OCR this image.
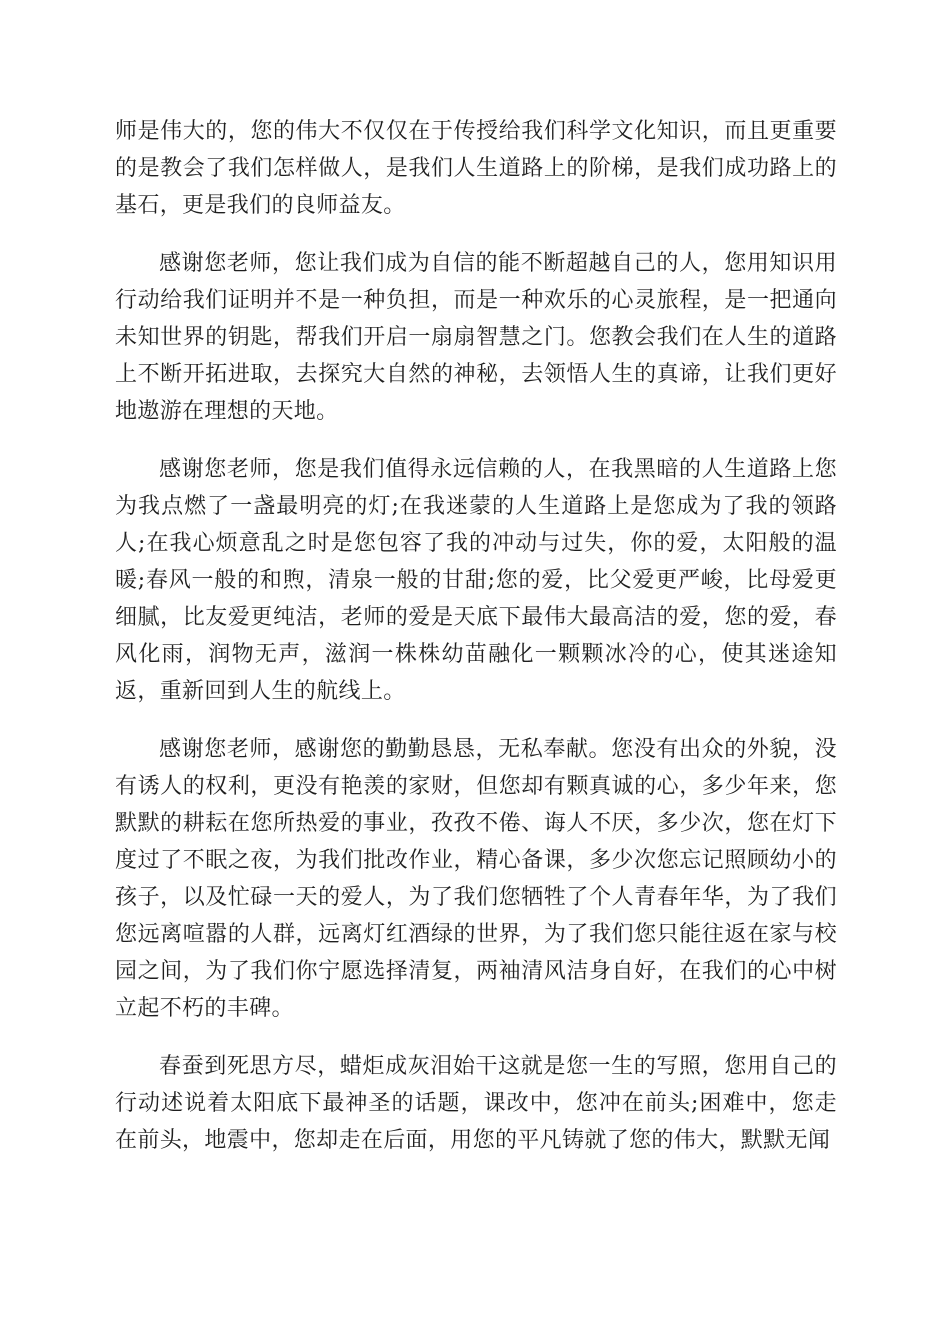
师是伟大的，您的伟大不仅仅在于传授给我们科学文化知识，而且更重要的是教会了我们怎样做人，是我们人生道路上的阶梯，是我们成功路上的基石，更是我们的良师益友。

感谢您老师，您让我们成为自信的能不断超越自己的人，您用知识用行动给我们证明并不是一种负担，而是一种欢乐的心灵旅程，是一把通向未知世界的钥匙，帮我们开启一扇扇智慧之门。您教会我们在人生的道路上不断开拓进取，去探究大自然的神秘，去领悟人生的真谛，让我们更好地遨游在理想的天地。

感谢您老师，您是我们值得永远信赖的人，在我黑暗的人生道路上您为我点燃了一盏最明亮的灯;在我迷蒙的人生道路上是您成为了我的领路人;在我心烦意乱之时是您包容了我的冲动与过失，你的爱，太阳般的温暖;春风一般的和煦，清泉一般的甘甜;您的爱，比父爱更严峻，比母爱更细腻，比友爱更纯洁，老师的爱是天底下最伟大最高洁的爱，您的爱，春风化雨，润物无声，滋润一株株幼苗融化一颗颗冰冷的心，使其迷途知返，重新回到人生的航线上。

感谢您老师，感谢您的勤勤恳恳，无私奉献。您没有出众的外貌，没有诱人的权利，更没有艳羡的家财，但您却有颗真诚的心，多少年来，您默默的耕耘在您所热爱的事业，孜孜不倦、诲人不厌，多少次，您在灯下度过了不眠之夜，为我们批改作业，精心备课，多少次您忘记照顾幼小的孩子，以及忙碌一天的爱人，为了我们您牺牲了个人青春年华，为了我们您远离喧嚣的人群，远离灯红酒绿的世界，为了我们您只能往返在家与校园之间，为了我们你宁愿选择清复，两袖清风洁身自好，在我们的心中树立起不朽的丰碑。

春蚕到死思方尽，蜡炬成灰泪始干这就是您一生的写照，您用自己的行动述说着太阳底下最神圣的话题，课改中，您冲在前头;困难中，您走在前头，地震中，您却走在后面，用您的平凡铸就了您的伟大，默默无闻
